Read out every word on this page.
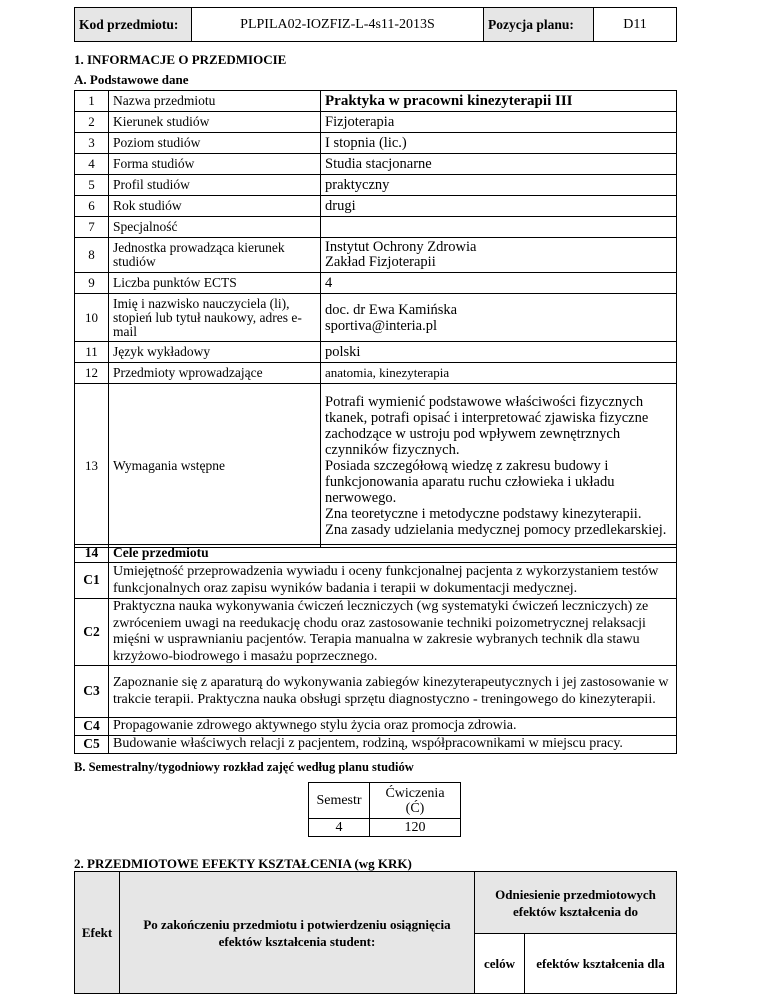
Kod przedmiotu:	PLPILA02-IOZFIZ-L-4s11-2013S	Pozycja planu:	D11
1. INFORMACJE O PRZEDMIOCIE
A. Podstawowe dane
1	Nazwa przedmiotu	Praktyka w pracowni kinezyterapii III
2	Kierunek studiów	Fizjoterapia
3	Poziom studiów	I stopnia (lic.)
4	Forma studiów	Studia stacjonarne
5	Profil studiów	praktyczny
6	Rok studiów	drugi
7	Specjalność	
8	Jednostka prowadząca kierunek studiów	Instytut Ochrony Zdrowia
Zakład Fizjoterapii
9	Liczba punktów ECTS	4
10	Imię i nazwisko nauczyciela (li), stopień lub tytuł naukowy, adres e-mail	doc. dr Ewa Kamińska
sportiva@interia.pl
11	Język wykładowy	polski
12	Przedmioty wprowadzające	anatomia, kinezyterapia
13	Wymagania wstępne	Potrafi wymienić podstawowe właściwości fizycznych tkanek, potrafi opisać i interpretować zjawiska fizyczne zachodzące w ustroju pod wpływem zewnętrznych czynników fizycznych.
Posiada szczegółową wiedzę z zakresu budowy i funkcjonowania aparatu ruchu człowieka i układu nerwowego.
Zna teoretyczne i metodyczne podstawy kinezyterapii.
Zna zasady udzielania medycznej pomocy przedlekarskiej.
14	Cele przedmiotu
C1	Umiejętność przeprowadzenia wywiadu i oceny funkcjonalnej pacjenta z wykorzystaniem testów funkcjonalnych oraz zapisu wyników badania i terapii w dokumentacji medycznej.
C2	Praktyczna nauka wykonywania ćwiczeń leczniczych (wg systematyki ćwiczeń leczniczych) ze zwróceniem uwagi na reedukację chodu oraz zastosowanie techniki poizometrycznej relaksacji mięśni w usprawnianiu pacjentów. Terapia manualna w zakresie wybranych technik dla stawu krzyżowo-biodrowego i masażu poprzecznego.
C3	Zapoznanie się z aparaturą do wykonywania zabiegów kinezyterapeutycznych i jej zastosowanie w trakcie terapii. Praktyczna nauka obsługi sprzętu diagnostyczno - treningowego do kinezyterapii.
C4	Propagowanie zdrowego aktywnego stylu życia oraz promocja zdrowia.
C5	Budowanie właściwych relacji z pacjentem, rodziną, współpracownikami w miejscu pracy.
B. Semestralny/tygodniowy rozkład zajęć według planu studiów
Semestr	Ćwiczenia
(Ć)

4	120
2. PRZEDMIOTOWE EFEKTY KSZTAŁCENIA (wg KRK)
Efekt	Po zakończeniu przedmiotu i potwierdzeniu osiągnięcia efektów kształcenia student:	Odniesienie przedmiotowych efektów kształcenia do	
		celów	efektów kształcenia dla
